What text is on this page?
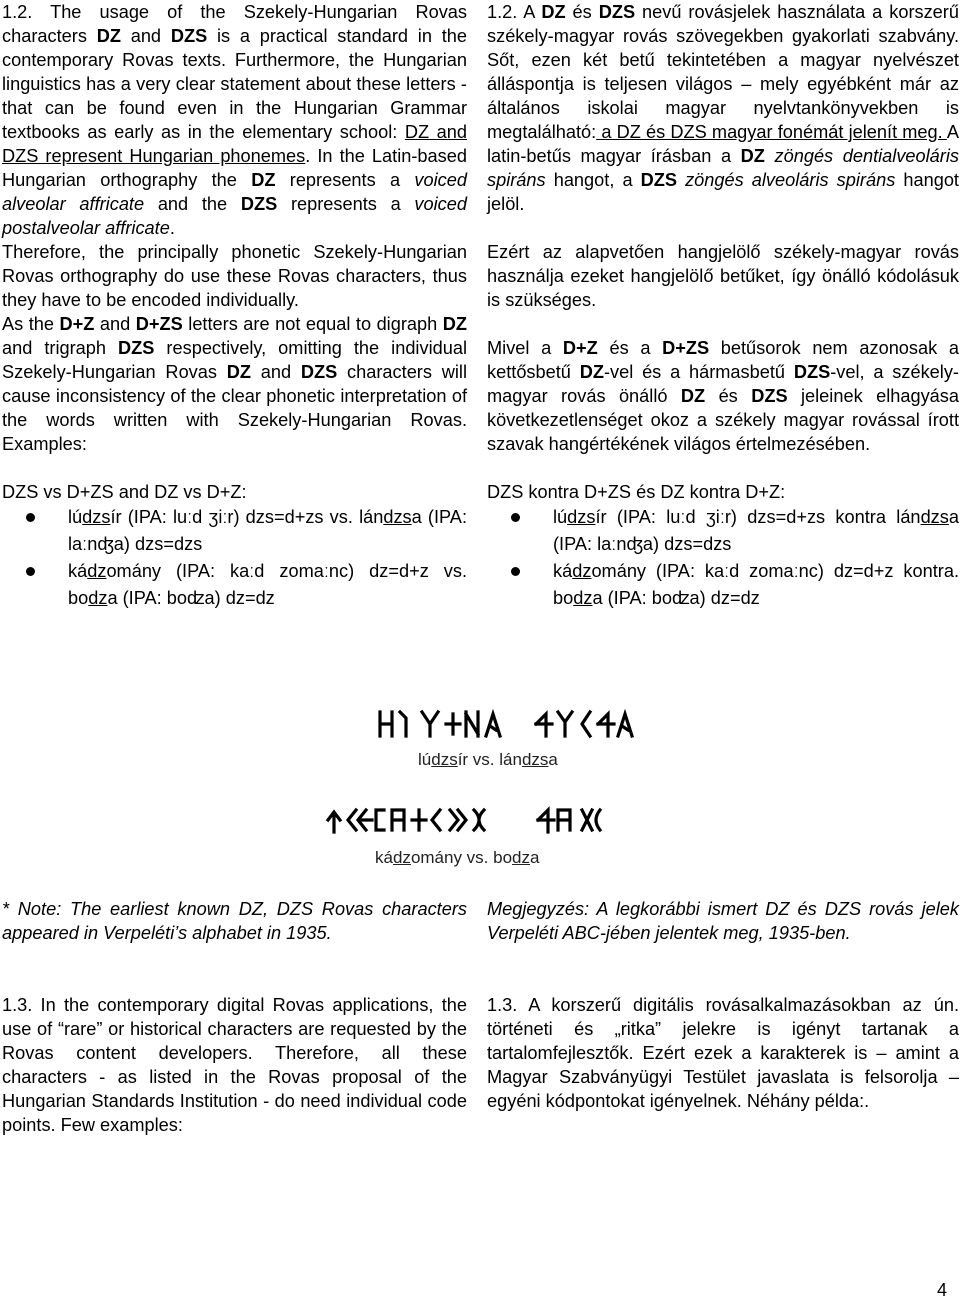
1.2. The usage of the Szekely-Hungarian Rovas characters DZ and DZS is a practical standard in the contemporary Rovas texts. Furthermore, the Hungarian linguistics has a very clear statement about these letters - that can be found even in the Hungarian Grammar textbooks as early as in the elementary school: DZ and DZS represent Hungarian phonemes. In the Latin-based Hungarian orthography the DZ represents a voiced alveolar affricate and the DZS represents a voiced postalveolar affricate.

Therefore, the principally phonetic Szekely-Hungarian Rovas orthography do use these Rovas characters, thus they have to be encoded individually.

As the D+Z and D+ZS letters are not equal to digraph DZ and trigraph DZS respectively, omitting the individual Szekely-Hungarian Rovas DZ and DZS characters will cause inconsistency of the clear phonetic interpretation of the words written with Szekely-Hungarian Rovas. Examples:

DZS vs D+ZS and DZ vs D+Z:

lúdzsír (IPA: luːd ʒiːr) dzs=d+zs vs. lándzsa (IPA: laːnʤa) dzs=dzs
kádzomány (IPA: kaːd zomaːnc) dz=d+z vs. bodza (IPA: boʣa) dz=dz

1.2. A DZ és DZS nevű rovásjelek használata a korszerű székely-magyar rovás szövegekben gyakorlati szabvány. Sőt, ezen két betű tekintetében a magyar nyelvészet álláspontja is teljesen világos – mely egyébként már az általános iskolai magyar nyelvtankönyvekben is megtalálható: a DZ és DZS magyar fonémát jelenít meg. A latin-betűs magyar írásban a DZ zöngés dentialveoláris spiráns hangot, a DZS zöngés alveoláris spiráns hangot jelöl.

Ezért az alapvetően hangjelölő székely-magyar rovás használja ezeket hangjelölő betűket, így önálló kódolásuk is szükséges.

Mivel a D+Z és a D+ZS betűsorok nem azonosak a kettősbetű DZ-vel és a hármasbetű DZS-vel, a székely-magyar rovás önálló DZ és DZS jeleinek elhagyása következetlenséget okoz a székely magyar rovással írott szavak hangértékének világos értelmezésében.

DZS kontra D+ZS és DZ kontra D+Z:

lúdzsír (IPA: luːd ʒiːr) dzs=d+zs kontra lándzsa (IPA: laːnʤa) dzs=dzs
kádzomány (IPA: kaːd zomaːnc) dz=d+z kontra. bodza (IPA: boʣa) dz=dz
lúdzsír vs. lándzsa
kádzomány vs. bodza

* Note: The earliest known DZ, DZS Rovas characters appeared in Verpeléti’s alphabet in 1935.

Megjegyzés: A legkorábbi ismert DZ és DZS rovás jelek Verpeléti ABC-jében jelentek meg, 1935-ben.

1.3. In the contemporary digital Rovas applications, the use of “rare” or historical characters are requested by the Rovas content developers. Therefore, all these characters - as listed in the Rovas proposal of the Hungarian Standards Institution - do need individual code points. Few examples:

1.3. A korszerű digitális rovásalkalmazásokban az ún. történeti és „ritka” jelekre is igényt tartanak a tartalomfejlesztők. Ezért ezek a karakterek is – amint a Magyar Szabványügyi Testület javaslata is felsorolja – egyéni kódpontokat igényelnek. Néhány példa:.

4
